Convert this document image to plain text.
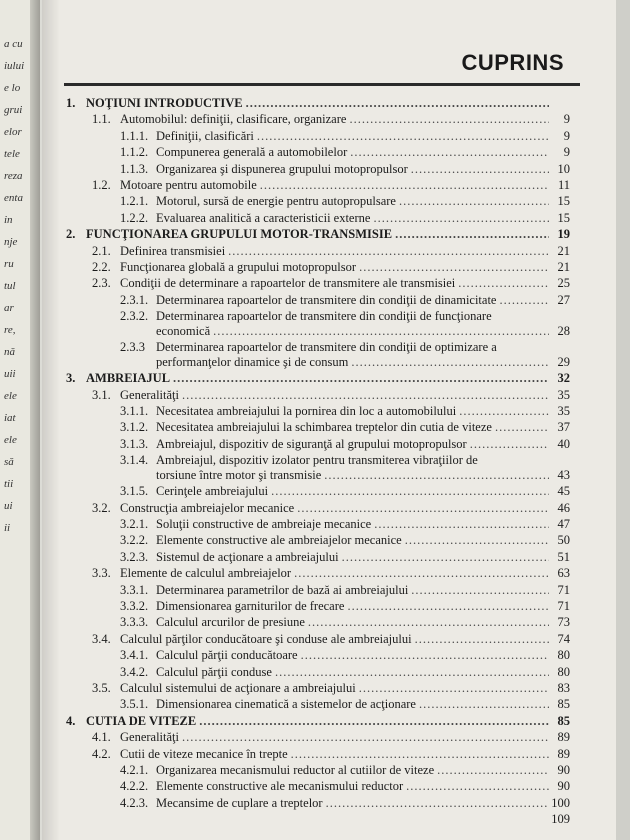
a cu
iului
e lo
grui
elor
tele
reza
enta
in
nje
ru
tul
ar
re,
nă
uii
ele
iat
ele
să
tii
ui
ii
CUPRINS
1. NOŢIUNI INTRODUCTIVE
.....
1.1. Automobilul: definiţii, clasificare, organizare .....	9
1.1.1. Definiţii, clasificări .....	9
1.1.2. Compunerea generală a automobilelor .....	9
1.1.3. Organizarea şi dispunerea grupului motopropulsor .....	10
1.2. Motoare pentru automobile .....	11
1.2.1. Motorul, sursă de energie pentru autopropulsare .....	15
1.2.2. Evaluarea analitică a caracteristicii externe .....	15
2. FUNCŢIONAREA GRUPULUI MOTOR-TRANSMISIE .....	19
2.1. Definirea transmisiei .....	21
2.2. Funcţionarea globală a grupului motopropulsor .....	21
2.3. Condiţii de determinare a rapoartelor de transmitere ale transmisiei .....	25
2.3.1. Determinarea rapoartelor de transmitere din condiţii de dinamicitate .....	27
2.3.2. Determinarea rapoartelor de transmitere din condiţii de funcţionare
economică .....	28
2.3.3 Determinarea rapoartelor de transmitere din condiţii de optimizare a
performanţelor dinamice şi de consum .....	29
3. AMBREIAJUL .....	32
3.1. Generalităţi .....	35
3.1.1. Necesitatea ambreiajului la pornirea din loc a automobilului .....	35
3.1.2. Necesitatea ambreiajului la schimbarea treptelor din cutia de viteze .....	37
3.1.3. Ambreiajul, dispozitiv de siguranţă al grupului motopropulsor .....	40
3.1.4. Ambreiajul, dispozitiv izolator pentru transmiterea vibraţiilor de
torsiune între motor şi transmisie .....	43
3.1.5. Cerinţele ambreiajului .....	45
3.2. Construcţia ambreiajelor mecanice .....	46
3.2.1. Soluţii constructive de ambreiaje mecanice .....	47
3.2.2. Elemente constructive ale ambreiajelor mecanice .....	50
3.2.3. Sistemul de acţionare a ambreiajului .....	51
3.3. Elemente de calculul ambreiajelor .....	63
3.3.1. Determinarea parametrilor de bază ai ambreiajului .....	71
3.3.2. Dimensionarea garniturilor de frecare .....	71
3.3.3. Calculul arcurilor de presiune .....	73
3.4. Calculul părţilor conducătoare şi conduse ale ambreiajului .....	74
3.4.1. Calculul părţii conducătoare .....	80
3.4.2. Calculul părţii conduse .....	80
3.5. Calculul sistemului de acţionare a ambreiajului .....	83
3.5.1. Dimensionarea cinematică a sistemelor de acţionare .....	85
4. CUTIA DE VITEZE .....	85
4.1. Generalităţi .....	89
4.2. Cutii de viteze mecanice în trepte .....	89
4.2.1. Organizarea mecanismului reductor al cutiilor de viteze .....	90
4.2.2. Elemente constructive ale mecanismului reductor .....	90
4.2.3. Mecansime de cuplare a treptelor .....	100
109
